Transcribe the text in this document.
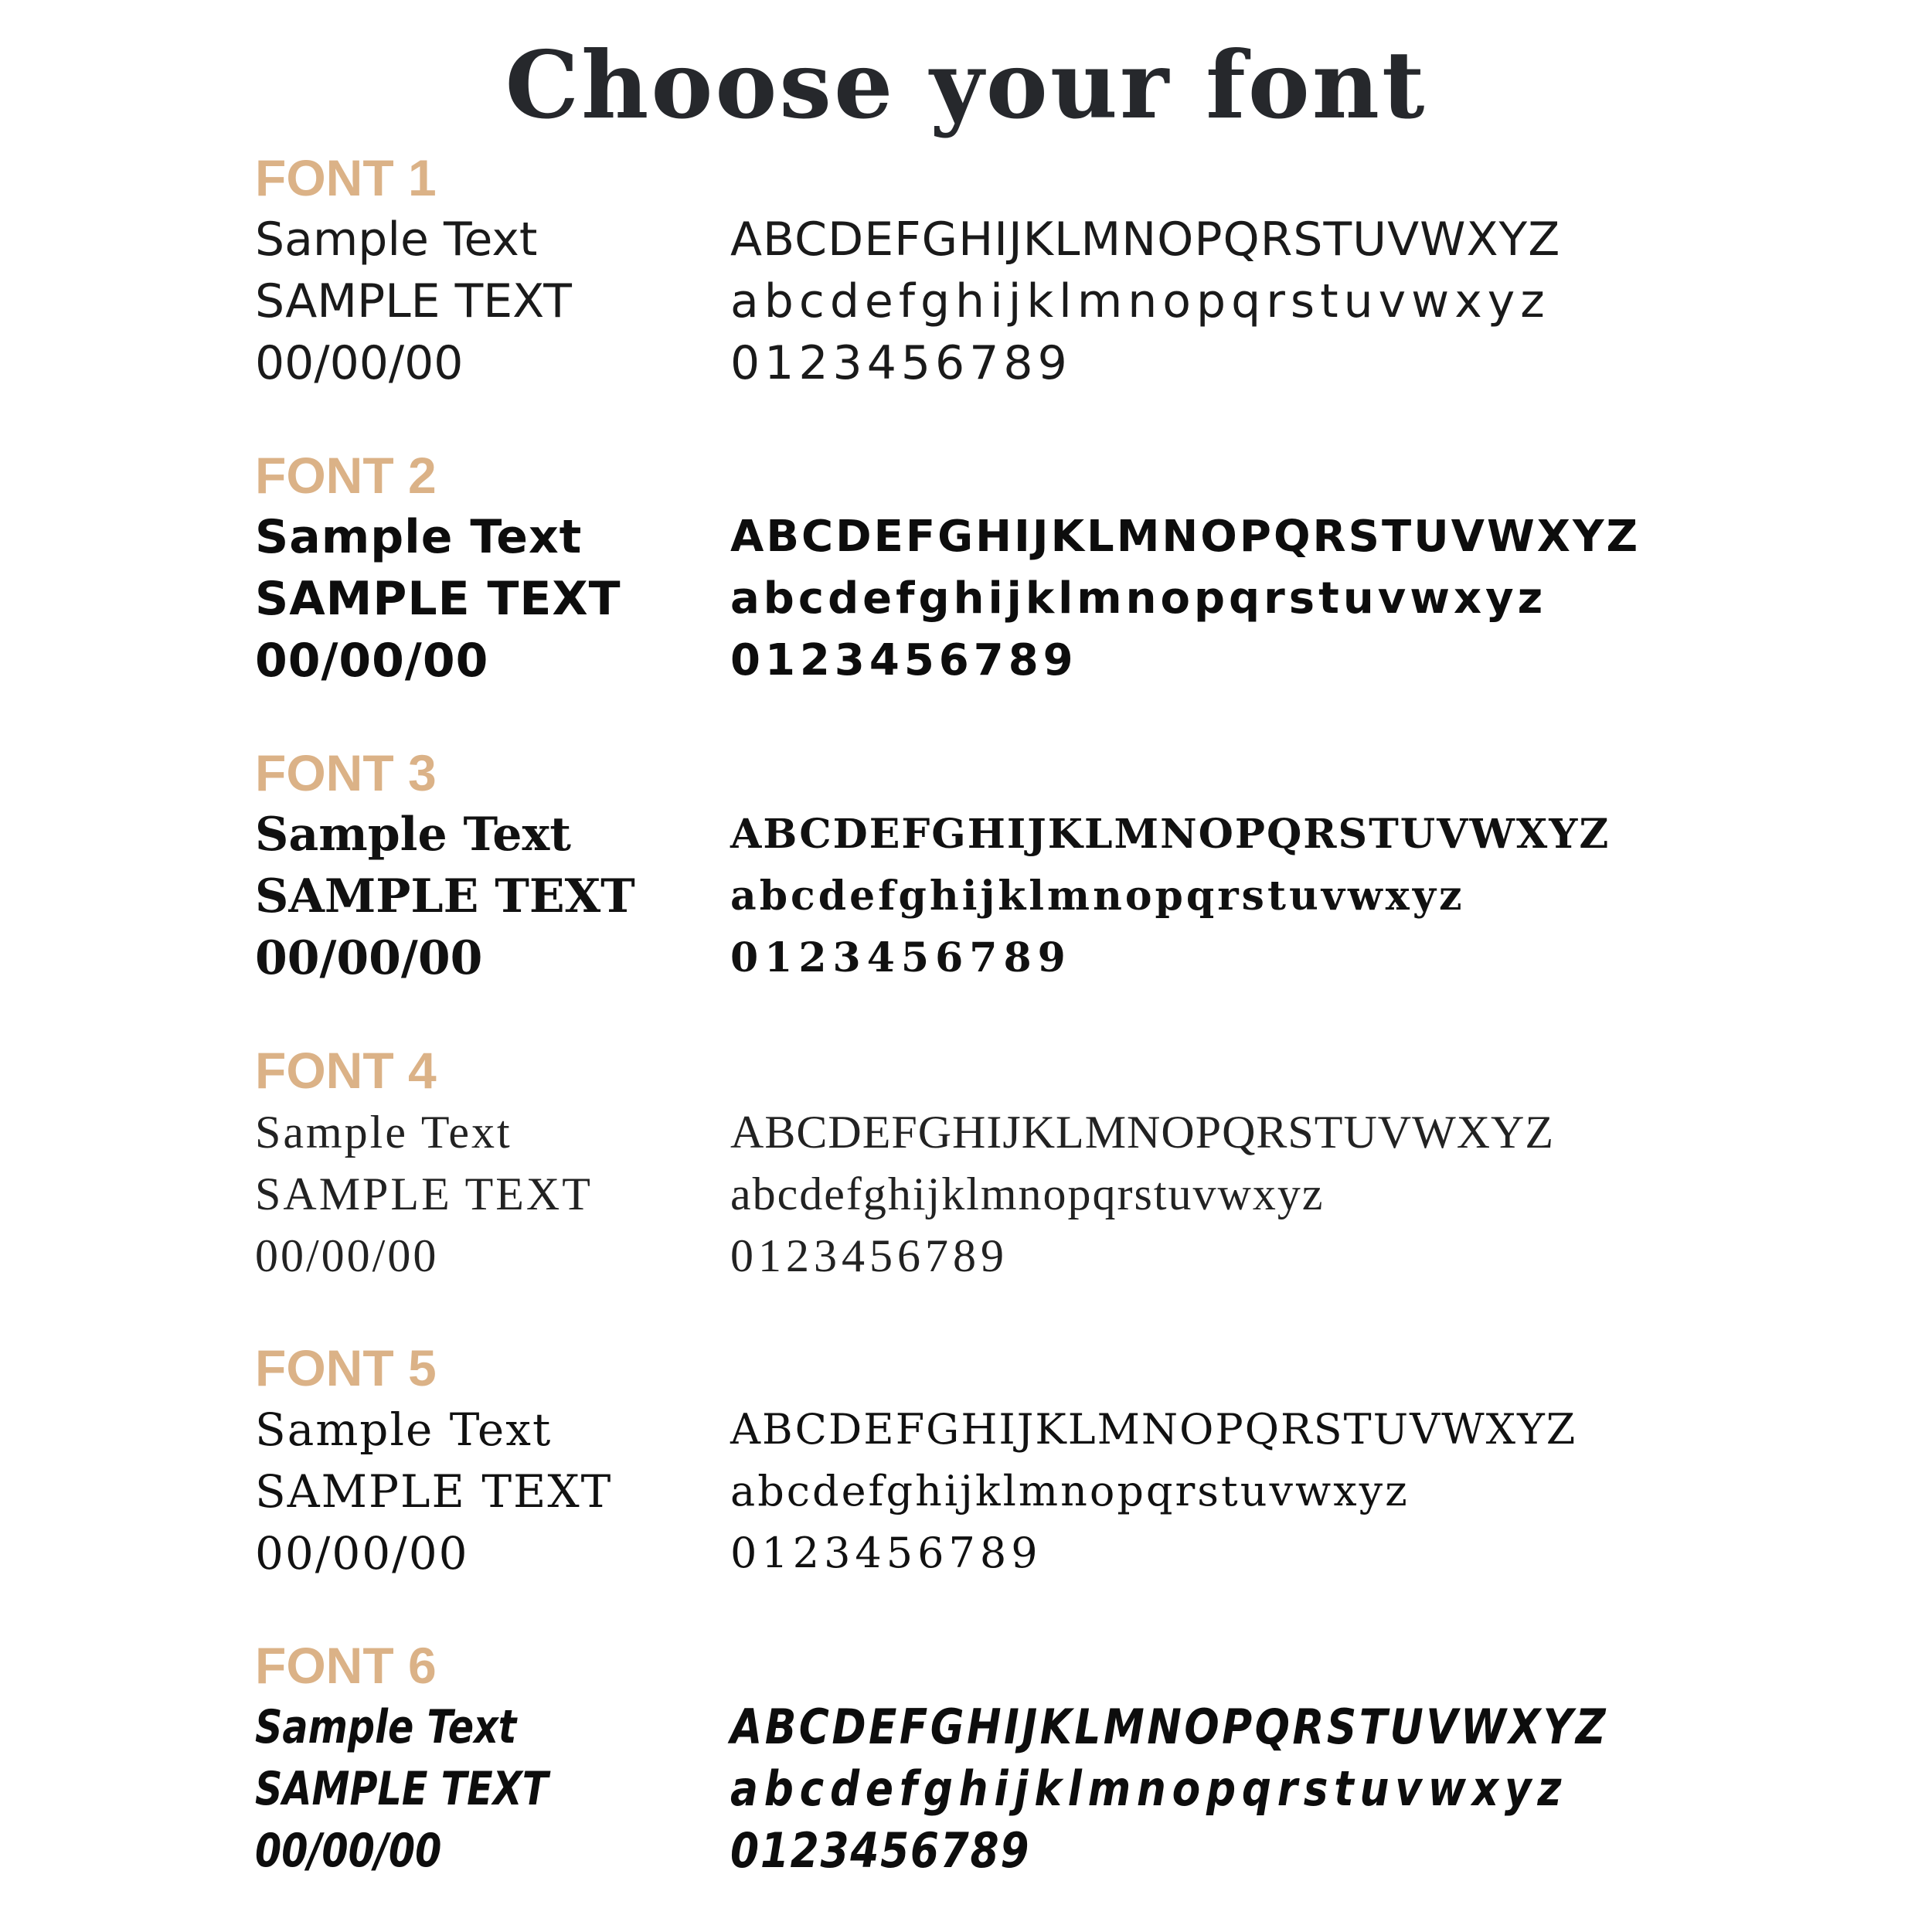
Choose your font
FONT 1
Sample Text
SAMPLE TEXT
00/00/00
ABCDEFGHIJKLMNOPQRSTUVWXYZ
abcdefghijklmnopqrstuvwxyz
0123456789
FONT 2
Sample Text
SAMPLE TEXT
00/00/00
ABCDEFGHIJKLMNOPQRSTUVWXYZ
abcdefghijklmnopqrstuvwxyz
0123456789
FONT 3
Sample Text
SAMPLE TEXT
00/00/00
ABCDEFGHIJKLMNOPQRSTUVWXYZ
abcdefghijklmnopqrstuvwxyz
0123456789
FONT 4
Sample Text
SAMPLE TEXT
00/00/00
ABCDEFGHIJKLMNOPQRSTUVWXYZ
abcdefghijklmnopqrstuvwxyz
0123456789
FONT 5
Sample Text
SAMPLE TEXT
00/00/00
ABCDEFGHIJKLMNOPQRSTUVWXYZ
abcdefghijklmnopqrstuvwxyz
0123456789
FONT 6
Sample Text
SAMPLE TEXT
00/00/00
ABCDEFGHIJKLMNOPQRSTUVWXYZ
abcdefghijklmnopqrstuvwxyz
0123456789
